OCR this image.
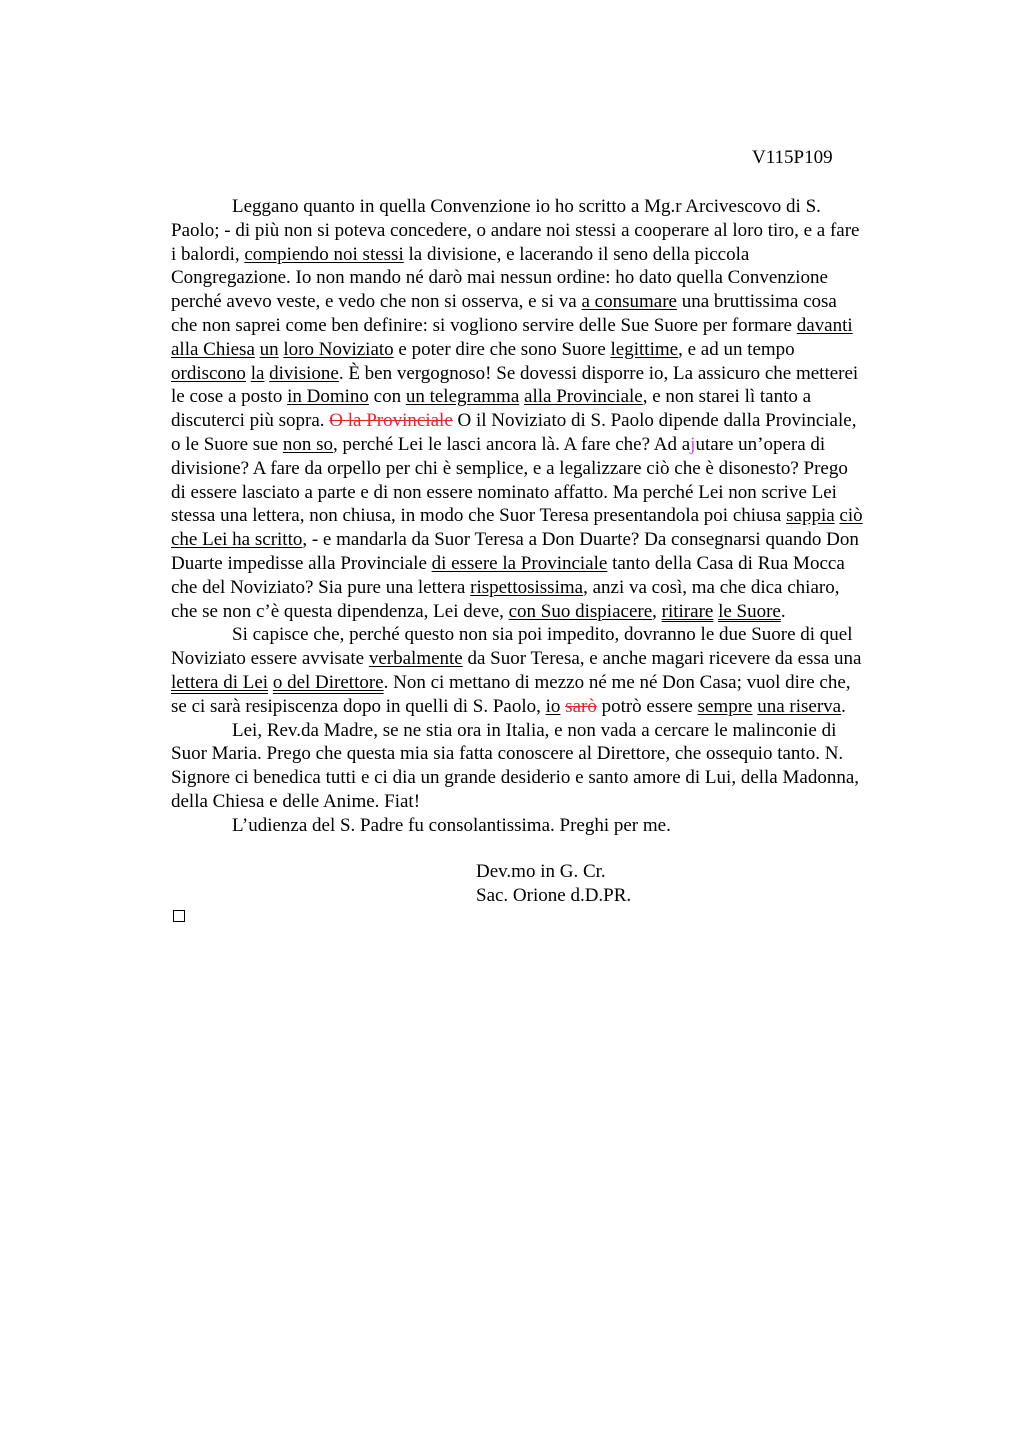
V115P109
Leggano quanto in quella Convenzione io ho scritto a Mg.r Arcivescovo di S.
Paolo; - di più non si poteva concedere, o andare noi stessi a cooperare al loro tiro, e a fare
i balordi, compiendo noi stessi la divisione, e lacerando il seno della piccola
Congregazione. Io non mando né darò mai nessun ordine: ho dato quella Convenzione
perché avevo veste, e vedo che non si osserva, e si va a consumare una bruttissima cosa
che non saprei come ben definire: si vogliono servire delle Sue Suore per formare davanti
alla Chiesa un loro Noviziato e poter dire che sono Suore legittime, e ad un tempo
ordiscono la divisione. È ben vergognoso! Se dovessi disporre io, La assicuro che metterei
le cose a posto in Domino con un telegramma alla Provinciale, e non starei lì tanto a
discuterci più sopra. O la Provinciale O il Noviziato di S. Paolo dipende dalla Provinciale,
o le Suore sue non so, perché Lei le lasci ancora là. A fare che? Ad ajutare un’opera di
divisione? A fare da orpello per chi è semplice, e a legalizzare ciò che è disonesto? Prego
di essere lasciato a parte e di non essere nominato affatto. Ma perché Lei non scrive Lei
stessa una lettera, non chiusa, in modo che Suor Teresa presentandola poi chiusa sappia ciò
che Lei ha scritto, - e mandarla da Suor Teresa a Don Duarte? Da consegnarsi quando Don
Duarte impedisse alla Provinciale di essere la Provinciale tanto della Casa di Rua Mocca
che del Noviziato? Sia pure una lettera rispettosissima, anzi va così, ma che dica chiaro,
che se non c’è questa dipendenza, Lei deve, con Suo dispiacere, ritirare le Suore.
Si capisce che, perché questo non sia poi impedito, dovranno le due Suore di quel
Noviziato essere avvisate verbalmente da Suor Teresa, e anche magari ricevere da essa una
lettera di Lei o del Direttore. Non ci mettano di mezzo né me né Don Casa; vuol dire che,
se ci sarà resipiscenza dopo in quelli di S. Paolo, io sarò potrò essere sempre una riserva.
Lei, Rev.da Madre, se ne stia ora in Italia, e non vada a cercare le malinconie di
Suor Maria. Prego che questa mia sia fatta conoscere al Direttore, che ossequio tanto. N.
Signore ci benedica tutti e ci dia un grande desiderio e santo amore di Lui, della Madonna,
della Chiesa e delle Anime. Fiat!
L’udienza del S. Padre fu consolantissima. Preghi per me.
Dev.mo in G. Cr.
Sac. Orione d.D.PR.
